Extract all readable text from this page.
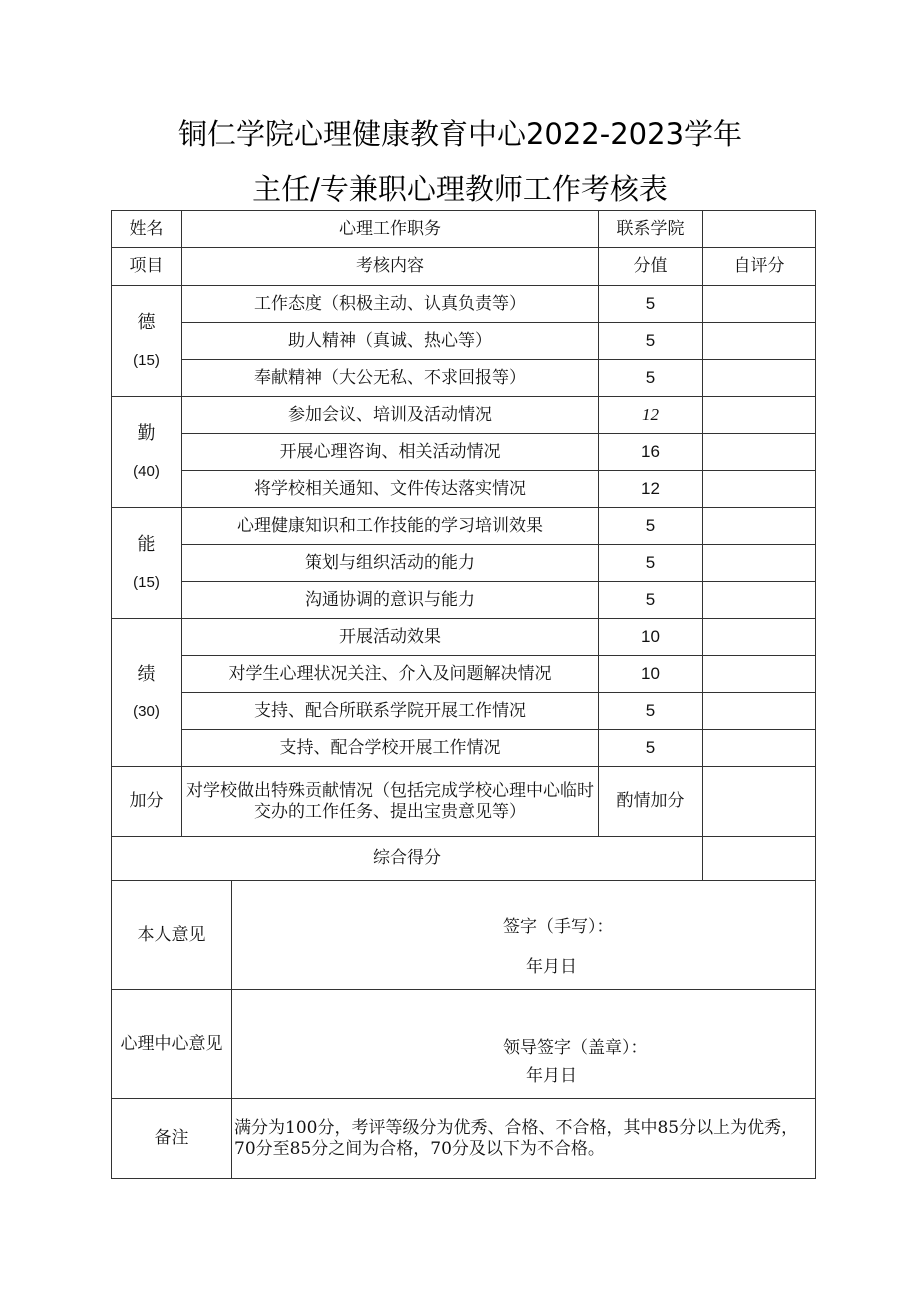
铜仁学院心理健康教育中心2022-2023学年
主任/专兼职心理教师工作考核表
姓名	心理工作职务		联系学院	
项目	考核内容		分值	自评分

德
(15)	工作态度（积极主动、认真负责等）		5	
	助人精神（真诚、热心等）		5	
	奉献精神（大公无私、不求回报等）		5	

勤
(40)	参加会议、培训及活动情况		12	
	开展心理咨询、相关活动情况		16	
	将学校相关通知、文件传达落实情况		12	

能
(15)	心理健康知识和工作技能的学习培训效果		5	
	策划与组织活动的能力		5	
	沟通协调的意识与能力		5	

绩
(30)	开展活动效果		10	
	对学生心理状况关注、介入及问题解决情况		10	
	支持、配合所联系学院开展工作情况		5	
	支持、配合学校开展工作情况		5	
加分	对学校做出特殊贡献情况（包括完成学校心理中心临时交办的工作任务、提出宝贵意见等）		酌情加分	
综合得分				
本人意见		签字（手写）：
年月日		

心理中心意见		领导签字（盖章）：
年月日		

备注		满分为100分，考评等级分为优秀、合格、不合格，其中85分以上为优秀，70分至85分之间为合格，70分及以下为不合格。		
